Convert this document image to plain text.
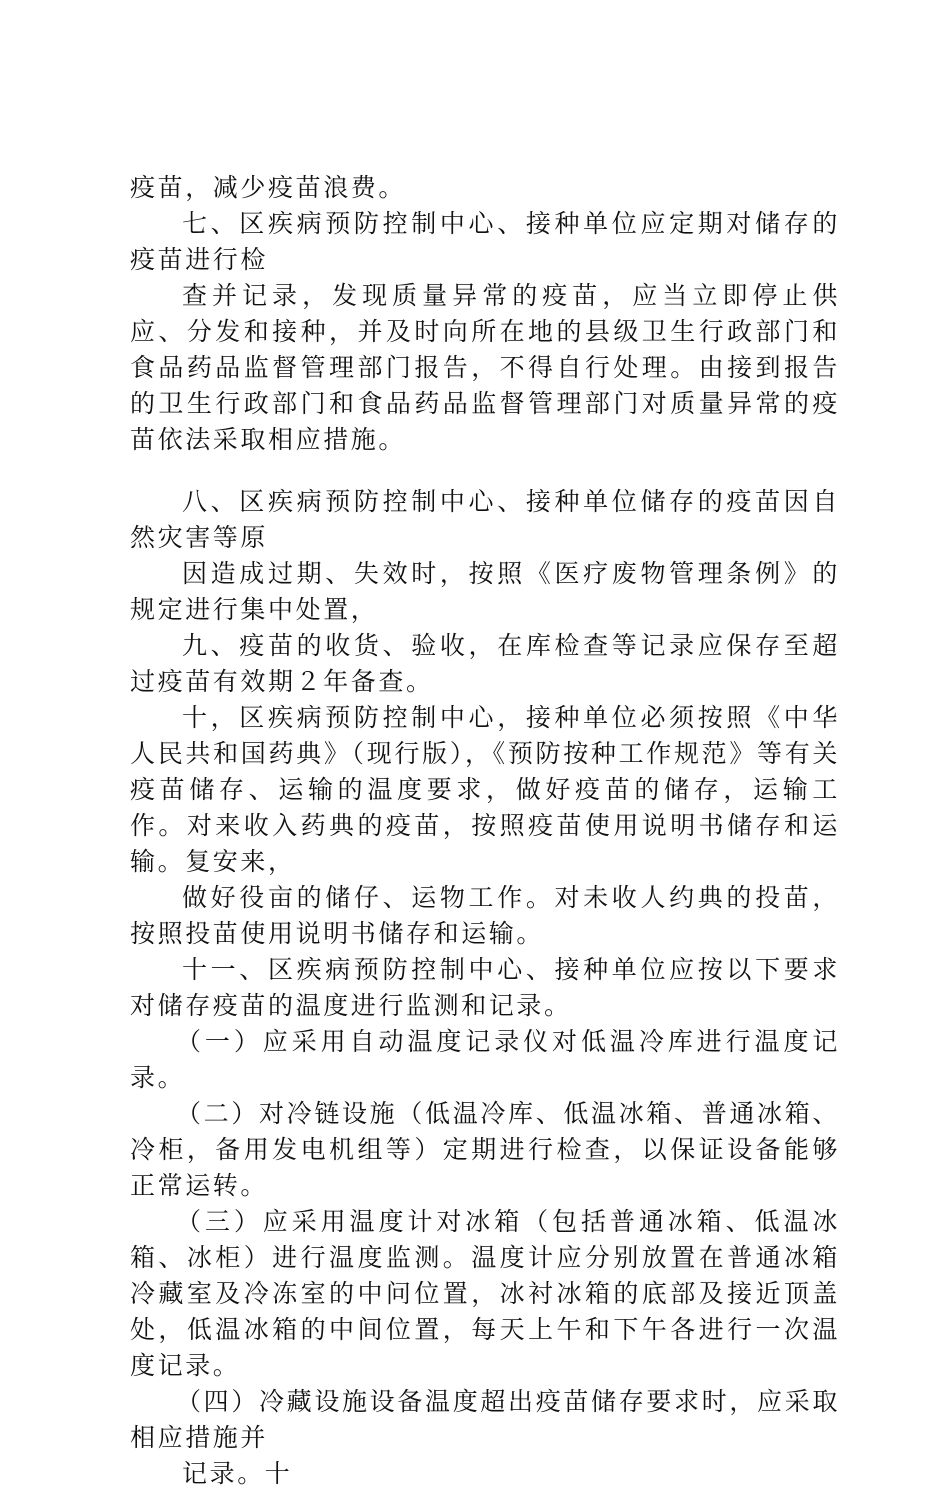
疫苗，减少疫苗浪费。

七、区疾病预防控制中心、接种单位应定期对储存的疫苗进行检

查并记录，发现质量异常的疫苗，应当立即停止供应、分发和接种，并及时向所在地的县级卫生行政部门和食品药品监督管理部门报告，不得自行处理。由接到报告的卫生行政部门和食品药品监督管理部门对质量异常的疫苗依法采取相应措施。

八、区疾病预防控制中心、接种单位储存的疫苗因自然灾害等原

因造成过期、失效时，按照《医疗废物管理条例》的规定进行集中处置，

九、疫苗的收货、验收，在库检查等记录应保存至超过疫苗有效期２年备查。

十，区疾病预防控制中心，接种单位必须按照《中华人民共和国药典》（现行版），《预防按种工作规范》等有关疫苗储存、运输的温度要求，做好疫苗的储存，运输工作。对来收入药典的疫苗，按照疫苗使用说明书储存和运输。复安来，

做好役亩的储仔、运物工作。对未收人约典的投苗，按照投苗使用说明书储存和运输。

十一、区疾病预防控制中心、接种单位应按以下要求对储存疫苗的温度进行监测和记录。

（一）应采用自动温度记录仪对低温冷库进行温度记录。

（二）对冷链设施（低温冷库、低温冰箱、普通冰箱、冷柜，备用发电机组等）定期进行检查，以保证设备能够正常运转。

（三）应采用温度计对冰箱（包括普通冰箱、低温冰箱、冰柜）进行温度监测。温度计应分别放置在普通冰箱冷藏室及冷冻室的中问位置，冰衬冰箱的底部及接近顶盖处，低温冰箱的中间位置，每天上午和下午各进行一次温度记录。

（四）冷藏设施设备温度超出疫苗储存要求时，应采取相应措施并

记录。十
